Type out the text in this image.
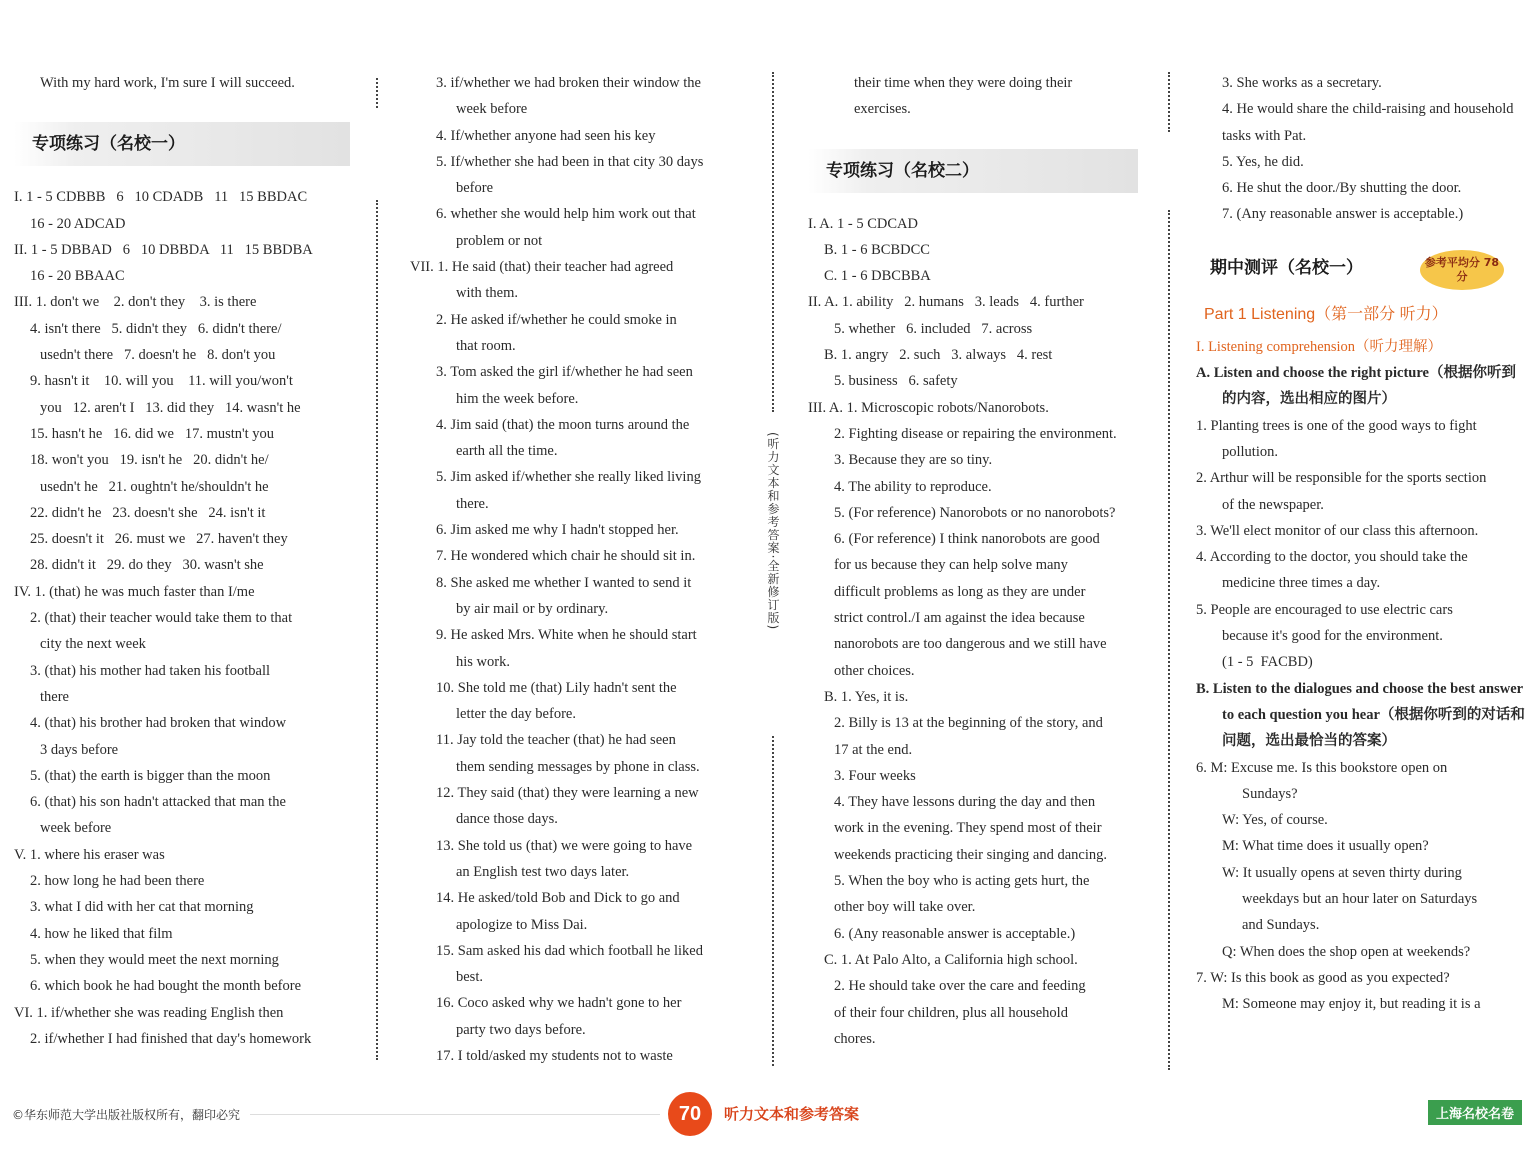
With my hard work, I'm sure I will succeed.
专项练习（名校一）
I. 1 - 5 CDBBB   6   10 CDADB   11   15 BBDAC
16 - 20 ADCAD
II. 1 - 5 DBBAD   6   10 DBBDA   11   15 BBDBA
16 - 20 BBAAC
III. 1. don't we    2. don't they    3. is there
4. isn't there   5. didn't they   6. didn't there/
usedn't there   7. doesn't he   8. don't you
9. hasn't it    10. will you    11. will you/won't
you   12. aren't I   13. did they   14. wasn't he
15. hasn't he   16. did we   17. mustn't you
18. won't you   19. isn't he   20. didn't he/
usedn't he   21. oughtn't he/shouldn't he
22. didn't he   23. doesn't she   24. isn't it
25. doesn't it   26. must we   27. haven't they
28. didn't it   29. do they   30. wasn't she
IV. 1. (that) he was much faster than I/me
2. (that) their teacher would take them to that
city the next week
3. (that) his mother had taken his football
there
4. (that) his brother had broken that window
3 days before
5. (that) the earth is bigger than the moon
6. (that) his son hadn't attacked that man the
week before
V. 1. where his eraser was
2. how long he had been there
3. what I did with her cat that morning
4. how he liked that film
5. when they would meet the next morning
6. which book he had bought the month before
VI. 1. if/whether she was reading English then
2. if/whether I had finished that day's homework
3. if/whether we had broken their window the
week before
4. If/whether anyone had seen his key
5. If/whether she had been in that city 30 days
before
6. whether she would help him work out that
problem or not
VII. 1. He said (that) their teacher had agreed
with them.
2. He asked if/whether he could smoke in
that room.
3. Tom asked the girl if/whether he had seen
him the week before.
4. Jim said (that) the moon turns around the
earth all the time.
5. Jim asked if/whether she really liked living
there.
6. Jim asked me why I hadn't stopped her.
7. He wondered which chair he should sit in.
8. She asked me whether I wanted to send it
by air mail or by ordinary.
9. He asked Mrs. White when he should start
his work.
10. She told me (that) Lily hadn't sent the
letter the day before.
11. Jay told the teacher (that) he had seen
them sending messages by phone in class.
12. They said (that) they were learning a new
dance those days.
13. She told us (that) we were going to have
an English test two days later.
14. He asked/told Bob and Dick to go and
apologize to Miss Dai.
15. Sam asked his dad which football he liked
best.
16. Coco asked why we hadn't gone to her
party two days before.
17. I told/asked my students not to waste
their time when they were doing their
exercises.
专项练习（名校二）
I. A. 1 - 5 CDCAD
B. 1 - 6 BCBDCC
C. 1 - 6 DBCBBA
II. A. 1. ability   2. humans   3. leads   4. further
5. whether   6. included   7. across
B. 1. angry   2. such   3. always   4. rest
5. business   6. safety
III. A. 1. Microscopic robots/Nanorobots.
2. Fighting disease or repairing the environment.
3. Because they are so tiny.
4. The ability to reproduce.
5. (For reference) Nanorobots or no nanorobots?
6. (For reference) I think nanorobots are good
for us because they can help solve many
difficult problems as long as they are under
strict control./I am against the idea because
nanorobots are too dangerous and we still have
other choices.
B. 1. Yes, it is.
2. Billy is 13 at the beginning of the story, and
17 at the end.
3. Four weeks
4. They have lessons during the day and then
work in the evening. They spend most of their
weekends practicing their singing and dancing.
5. When the boy who is acting gets hurt, the
other boy will take over.
6. (Any reasonable answer is acceptable.)
C. 1. At Palo Alto, a California high school.
2. He should take over the care and feeding
of their four children, plus all household
chores.
3. She works as a secretary.
4. He would share the child-raising and household
tasks with Pat.
5. Yes, he did.
6. He shut the door./By shutting the door.
7. (Any reasonable answer is acceptable.)
期中测评（名校一）
Part 1 Listening（第一部分 听力）
I. Listening comprehension（听力理解）
A. Listen and choose the right picture（根据你听到
的内容，选出相应的图片）
1. Planting trees is one of the good ways to fight
pollution.
2. Arthur will be responsible for the sports section
of the newspaper.
3. We'll elect monitor of our class this afternoon.
4. According to the doctor, you should take the
medicine three times a day.
5. People are encouraged to use electric cars
because it's good for the environment.
(1 - 5  FACBD)
B. Listen to the dialogues and choose the best answer
to each question you hear（根据你听到的对话和
问题，选出最恰当的答案）
6. M: Excuse me. Is this bookstore open on
Sundays?
W: Yes, of course.
M: What time does it usually open?
W: It usually opens at seven thirty during
weekdays but an hour later on Saturdays
and Sundays.
Q: When does the shop open at weekends?
7. W: Is this book as good as you expected?
M: Someone may enjoy it, but reading it is a
参考平均分 78分
(听力文本和参考答案·全新修订版)
©华东师范大学出版社版权所有，翻印必究	70	听力文本和参考答案	上海名校名卷
